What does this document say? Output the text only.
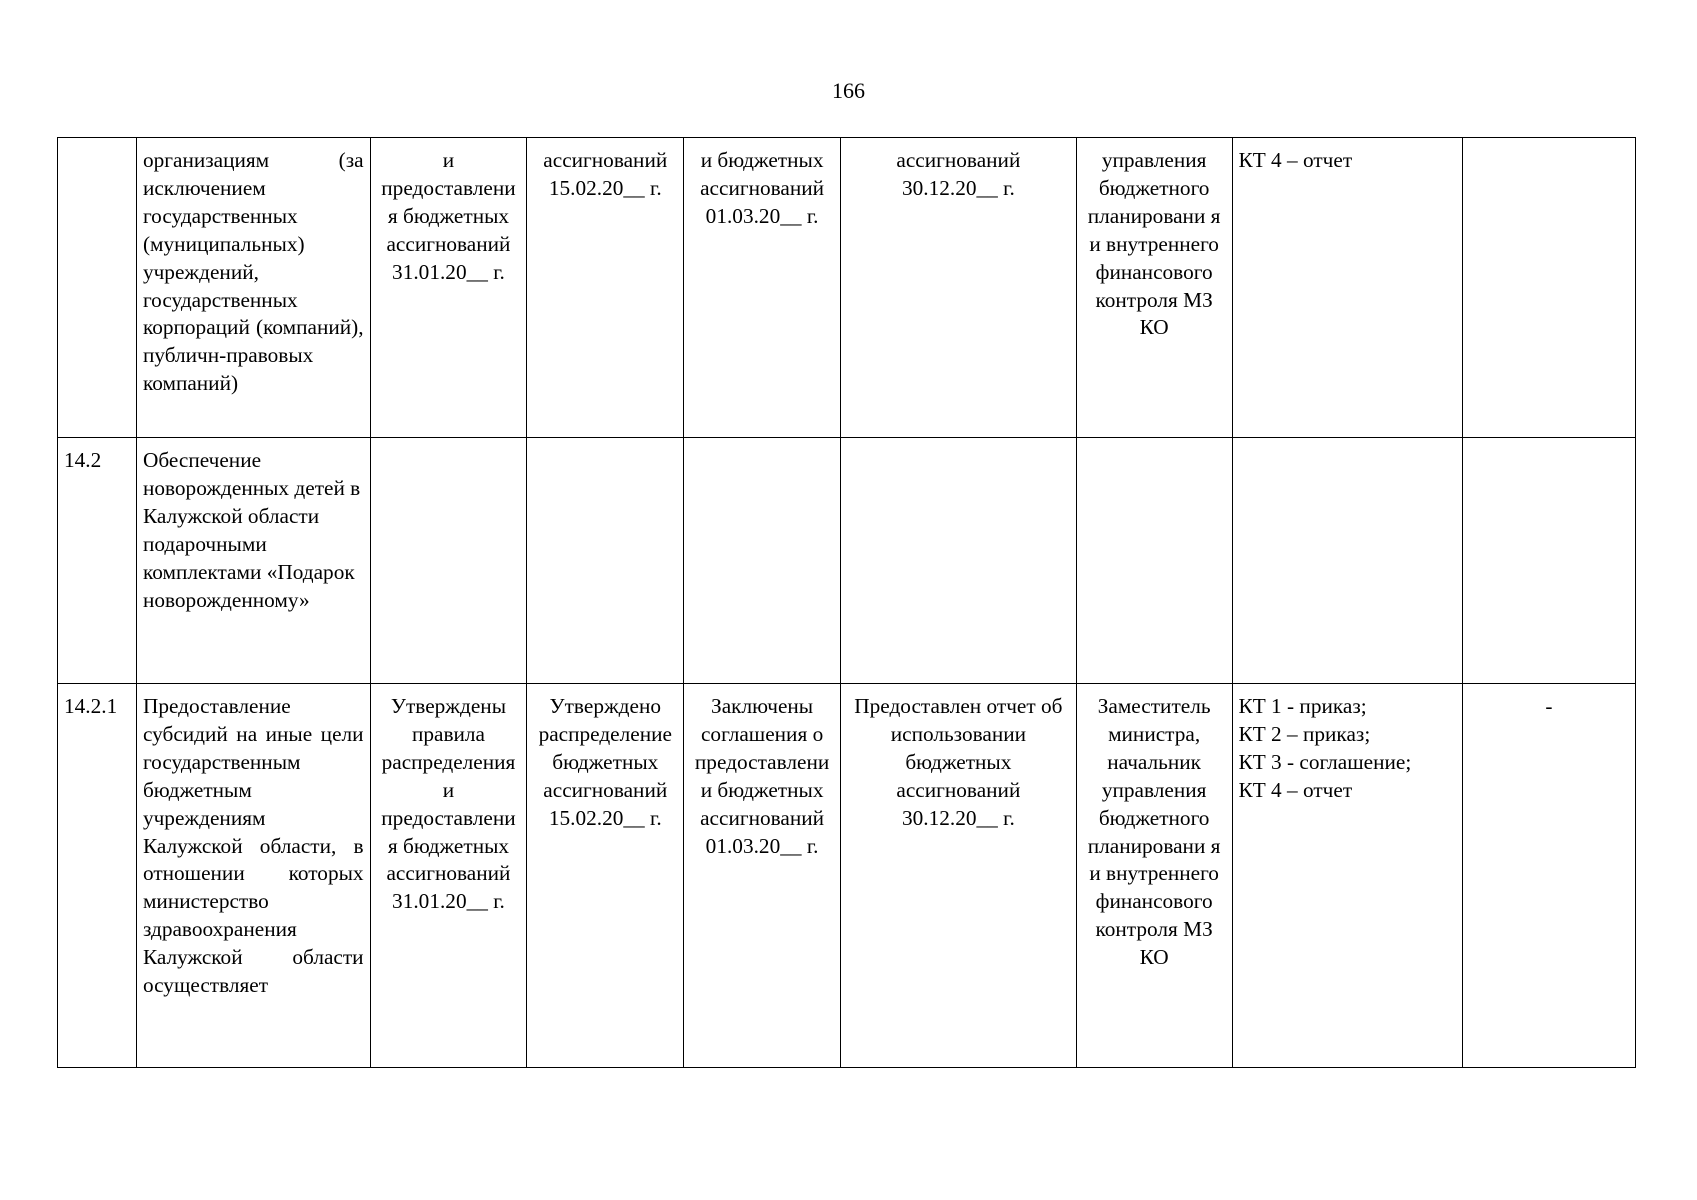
166
	организациям (за исключением государственных (муниципальных) учреждений, государственных корпораций (компаний), публичн-правовых компаний)	и предоставлени я бюджетных ассигнований 31.01.20__ г.	ассигнований 15.02.20__ г.	и бюджетных ассигнований 01.03.20__ г.	ассигнований 30.12.20__ г.	управления бюджетного планировани я и внутреннего финансового контроля МЗ КО	КТ 4 – отчет	

14.2	Обеспечение новорожденных детей в Калужской области подарочными комплектами «Подарок новорожденному»							
14.2.1	Предоставление субсидий на иные цели государственным бюджетным учреждениям Калужской области, в отношении которых министерство здравоохранения Калужской области осуществляет	Утверждены правила распределения и предоставлени я бюджетных ассигнований 31.01.20__ г.	Утверждено распределение бюджетных ассигнований 15.02.20__ г.	Заключены соглашения о предоставлени и бюджетных ассигнований 01.03.20__ г.	Предоставлен отчет об использовании бюджетных ассигнований 30.12.20__ г.	Заместитель министра, начальник управления бюджетного планировани я и внутреннего финансового контроля МЗ КО	КТ 1 - приказ;
КТ 2 – приказ;
КТ 3 - соглашение;
КТ 4 – отчет	-
